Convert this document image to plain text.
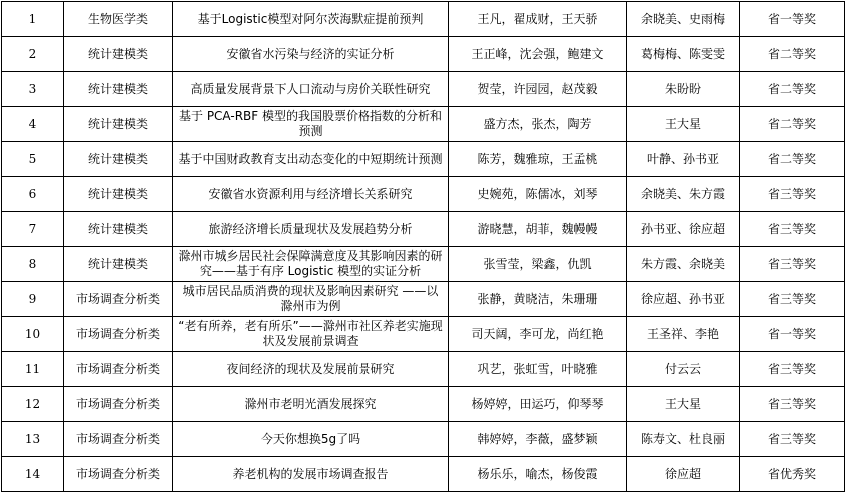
1	生物医学类	基于Logistic模型对阿尔茨海默症提前预判	王凡，翟成财，王天骄	余晓美、史雨梅	省一等奖
2	统计建模类	安徽省水污染与经济的实证分析	王正峰，沈会强，鲍建文	葛梅梅、陈雯雯	省二等奖
3	统计建模类	高质量发展背景下人口流动与房价关联性研究	贺莹，许园园，赵茂毅	朱盼盼	省二等奖
4	统计建模类	基于 PCA-RBF 模型的我国股票价格指数的分析和预测	盛方杰，张杰，陶芳	王大星	省二等奖
5	统计建模类	基于中国财政教育支出动态变化的中短期统计预测	陈芳，魏雅琼，王孟桃	叶静、孙书亚	省二等奖
6	统计建模类	安徽省水资源利用与经济增长关系研究	史婉苑，陈儒冰，刘琴	余晓美、朱方霞	省三等奖
7	统计建模类	旅游经济增长质量现状及发展趋势分析	游晓慧，胡菲，魏幔幔	孙书亚、徐应超	省三等奖
8	统计建模类	滁州市城乡居民社会保障满意度及其影响因素的研究——基于有序 Logistic 模型的实证分析	张雪莹，梁鑫，仇凯	朱方霞、余晓美	省三等奖
9	市场调查分析类	城市居民品质消费的现状及影响因素研究 ——以滁州市为例	张静，黄晓洁，朱珊珊	徐应超、孙书亚	省三等奖
10	市场调查分析类	“老有所养，老有所乐”——滁州市社区养老实施现状及发展前景调查	司天阔，李可龙，尚红艳	王圣祥、李艳	省一等奖
11	市场调查分析类	夜间经济的现状及发展前景研究	巩艺，张虹雪，叶晓雅	付云云	省三等奖
12	市场调查分析类	滁州市老明光酒发展探究	杨婷婷，田运巧，仰琴琴	王大星	省三等奖
13	市场调查分析类	今天你想换5g了吗	韩婷婷，李薇，盛梦颖	陈寿文、杜良丽	省三等奖
14	市场调查分析类	养老机构的发展市场调查报告	杨乐乐，喻杰，杨俊霞	徐应超	省优秀奖
